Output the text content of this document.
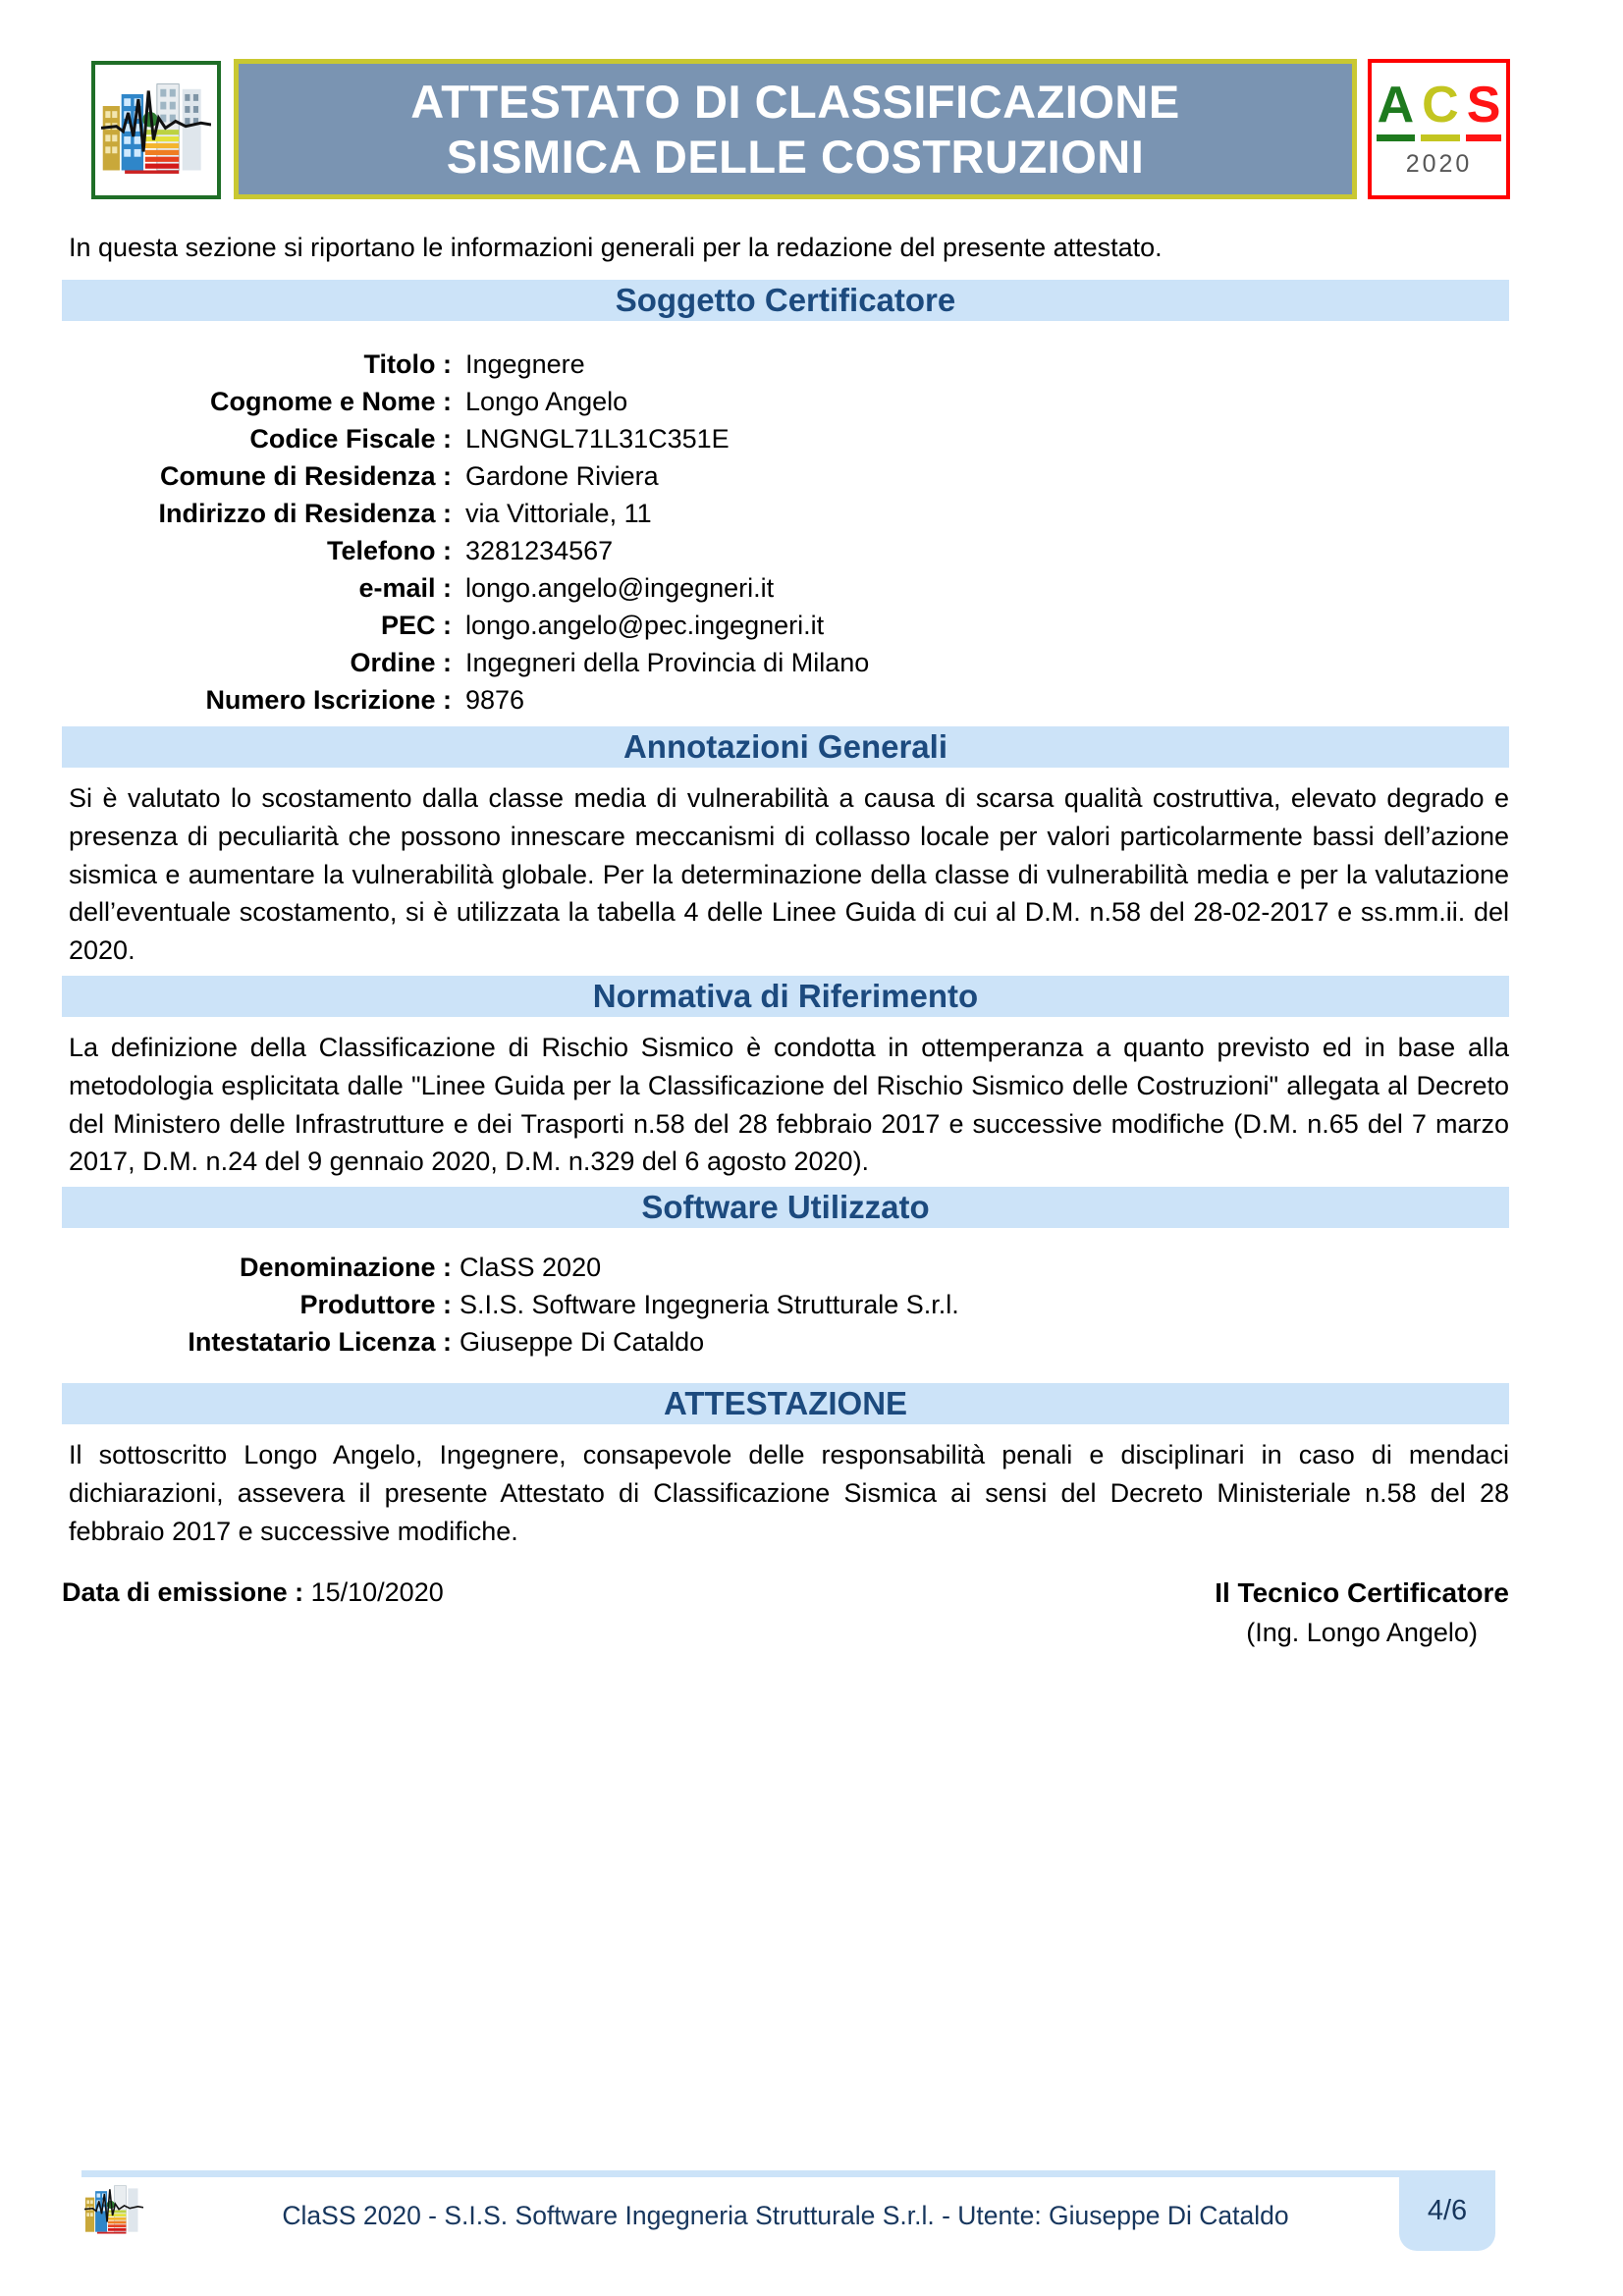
ATTESTATO DI CLASSIFICAZIONE
SISMICA DELLE COSTRUZIONI
A C S
2020
In questa sezione si riportano le informazioni generali per la redazione del presente attestato.
Soggetto Certificatore
Titolo : Ingegnere
Cognome e Nome : Longo Angelo
Codice Fiscale : LNGNGL71L31C351E
Comune di Residenza : Gardone Riviera
Indirizzo di Residenza : via Vittoriale, 11
Telefono : 3281234567
e-mail : longo.angelo@ingegneri.it
PEC : longo.angelo@pec.ingegneri.it
Ordine : Ingegneri della Provincia di Milano
Numero Iscrizione : 9876
Annotazioni Generali
Si è valutato lo scostamento dalla classe media di vulnerabilità a causa di scarsa qualità costruttiva, elevato degrado e presenza di peculiarità che possono innescare meccanismi di collasso locale per valori particolarmente bassi dell’azione sismica e aumentare la vulnerabilità globale. Per la determinazione della classe di vulnerabilità media e per la valutazione dell’eventuale scostamento, si è utilizzata la tabella 4 delle Linee Guida di cui al D.M. n.58 del 28-02-2017 e ss.mm.ii. del 2020.
Normativa di Riferimento
La definizione della Classificazione di Rischio Sismico è condotta in ottemperanza a quanto previsto ed in base alla metodologia esplicitata dalle "Linee Guida per la Classificazione del Rischio Sismico delle Costruzioni" allegata al Decreto del Ministero delle Infrastrutture e dei Trasporti n.58 del 28 febbraio 2017 e successive modifiche (D.M. n.65 del 7 marzo 2017, D.M. n.24 del 9 gennaio 2020, D.M. n.329 del 6 agosto 2020).
Software Utilizzato
Denominazione : ClaSS 2020
Produttore : S.I.S. Software Ingegneria Strutturale S.r.l.
Intestatario Licenza : Giuseppe Di Cataldo
ATTESTAZIONE
Il sottoscritto Longo Angelo, Ingegnere, consapevole delle responsabilità penali e disciplinari in caso di mendaci dichiarazioni, assevera il presente Attestato di Classificazione Sismica ai sensi del Decreto Ministeriale n.58 del 28 febbraio 2017 e successive modifiche.
Data di emissione : 15/10/2020	Il Tecnico Certificatore
(Ing. Longo Angelo)
4/6
ClaSS 2020 - S.I.S. Software Ingegneria Strutturale S.r.l. - Utente: Giuseppe Di Cataldo
